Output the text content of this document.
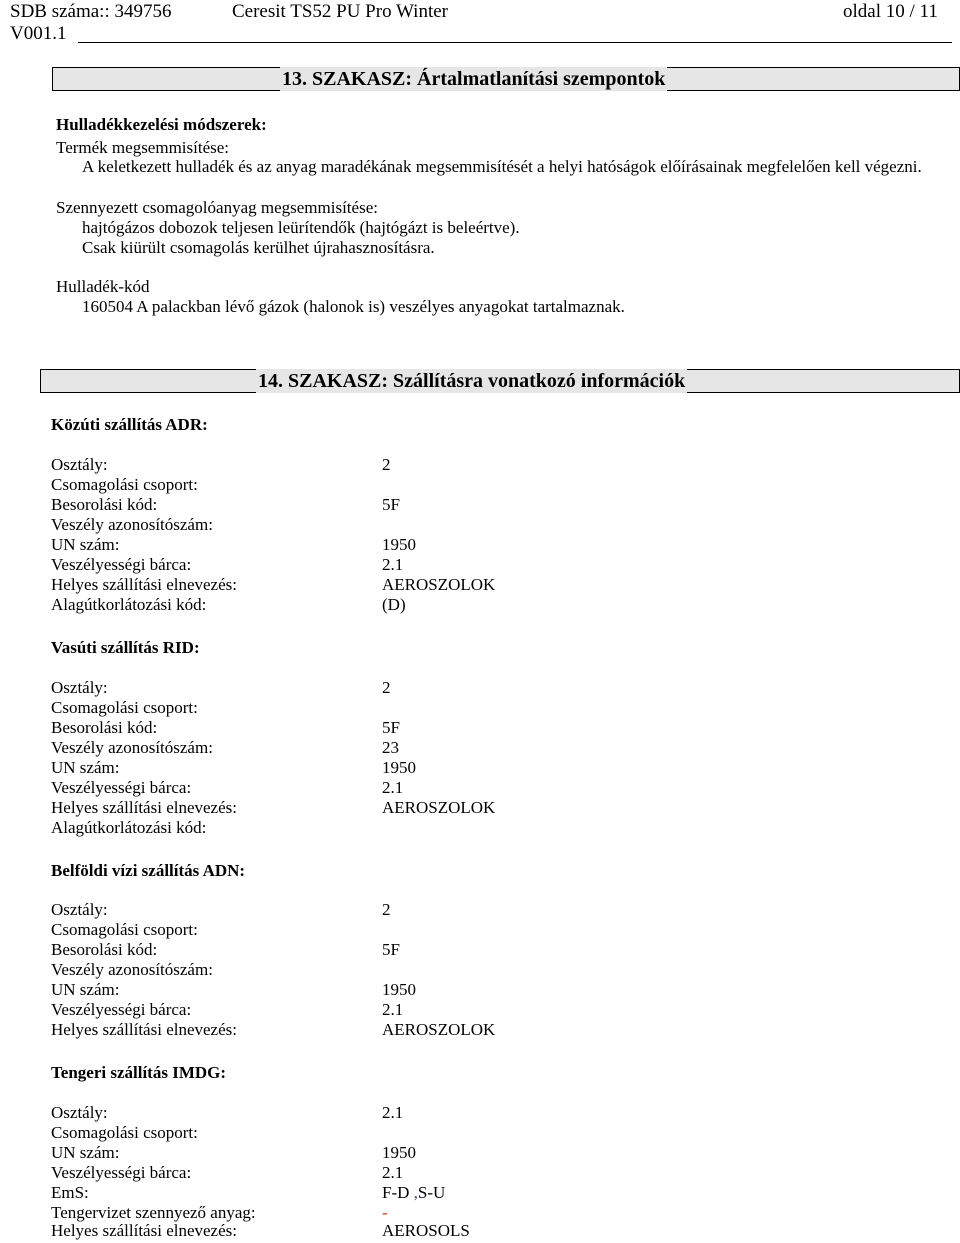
SDB száma:: 349756	Ceresit TS52 PU Pro Winter	oldal 10 / 11
V001.1
13. SZAKASZ: Ártalmatlanítási szempontok
Hulladékkezelési módszerek:
Termék megsemmisítése:
A keletkezett hulladék és az anyag maradékának megsemmisítését a helyi hatóságok előírásainak megfelelően kell végezni.
Szennyezett csomagolóanyag megsemmisítése:
hajtógázos dobozok teljesen leürítendők (hajtógázt is beleértve).
Csak kiürült csomagolás kerülhet újrahasznosításra.
Hulladék-kód
160504 A palackban lévő gázok (halonok is) veszélyes anyagokat tartalmaznak.
14. SZAKASZ: Szállításra vonatkozó információk
Közúti szállítás ADR:
Osztály:	2
Csomagolási csoport:
Besorolási kód:	5F
Veszély azonosítószám:
UN szám:	1950
Veszélyességi bárca:	2.1
Helyes szállítási elnevezés:	AEROSZOLOK
Alagútkorlátozási kód:	(D)
Vasúti szállítás RID:
Osztály:	2
Csomagolási csoport:
Besorolási kód:	5F
Veszély azonosítószám:	23
UN szám:	1950
Veszélyességi bárca:	2.1
Helyes szállítási elnevezés:	AEROSZOLOK
Alagútkorlátozási kód:
Belföldi vízi szállítás ADN:
Osztály:	2
Csomagolási csoport:
Besorolási kód:	5F
Veszély azonosítószám:
UN szám:	1950
Veszélyességi bárca:	2.1
Helyes szállítási elnevezés:	AEROSZOLOK
Tengeri szállítás IMDG:
Osztály:	2.1
Csomagolási csoport:
UN szám:	1950
Veszélyességi bárca:	2.1
EmS:	F-D ,S-U
Tengervizet szennyező anyag:	-
Helyes szállítási elnevezés:	AEROSOLS
